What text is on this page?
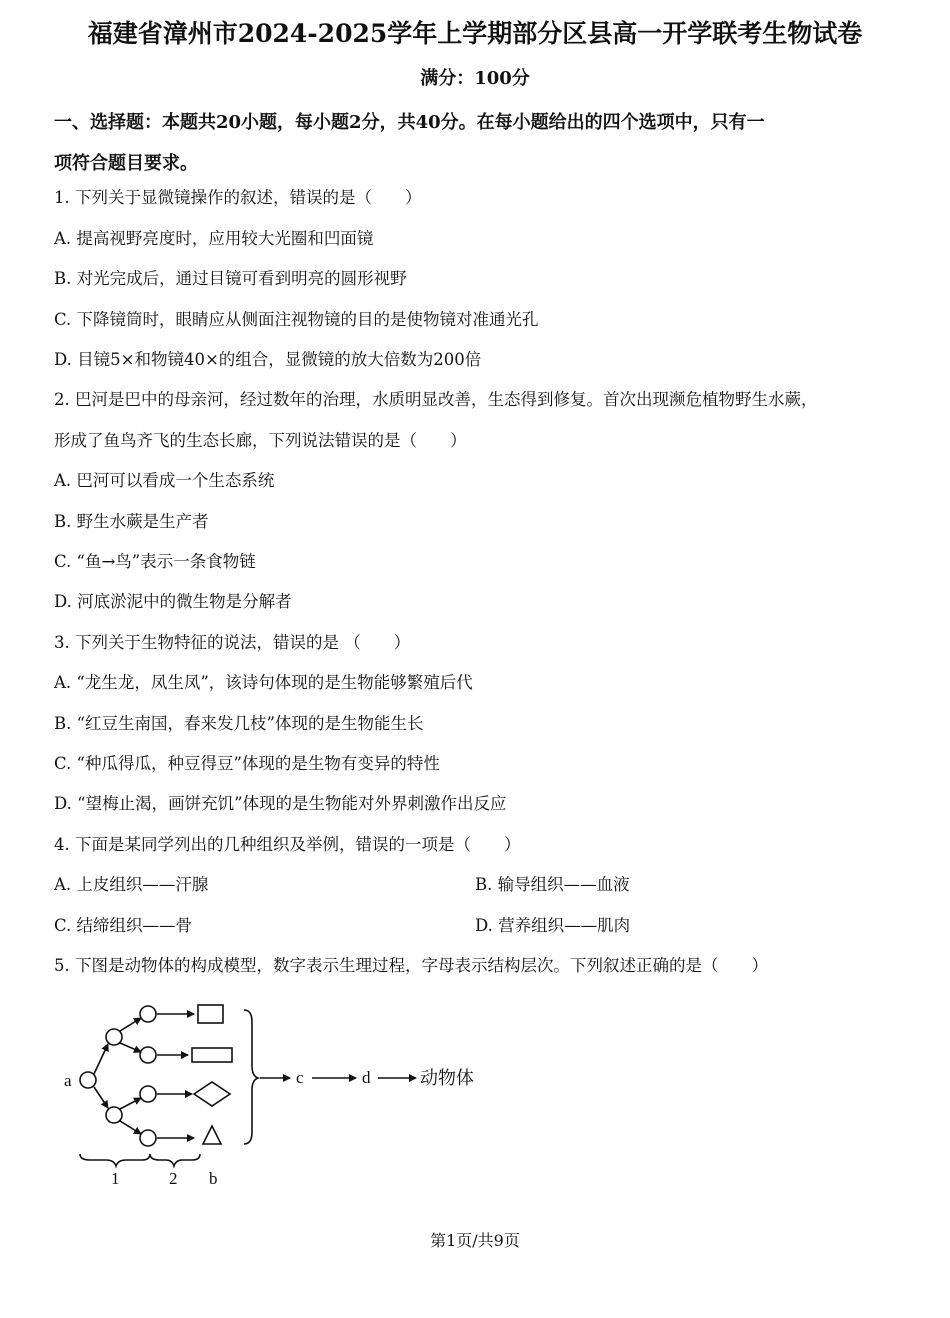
福建省漳州市2024-2025学年上学期部分区县高一开学联考生物试卷
满分：100分
一、选择题：本题共20小题，每小题2分，共40分。在每小题给出的四个选项中，只有一
项符合题目要求。
1. 下列关于显微镜操作的叙述，错误的是（　　）
A. 提高视野亮度时，应用较大光圈和凹面镜
B. 对光完成后，通过目镜可看到明亮的圆形视野
C. 下降镜筒时，眼睛应从侧面注视物镜的目的是使物镜对准通光孔
D. 目镜5×和物镜40×的组合，显微镜的放大倍数为200倍
2. 巴河是巴中的母亲河，经过数年的治理，水质明显改善，生态得到修复。首次出现濒危植物野生水蕨，
形成了鱼鸟齐飞的生态长廊，下列说法错误的是（　　）
A. 巴河可以看成一个生态系统
B. 野生水蕨是生产者
C. “鱼→鸟”表示一条食物链
D. 河底淤泥中的微生物是分解者
3. 下列关于生物特征的说法，错误的是 （　　）
A. “龙生龙，凤生凤”，该诗句体现的是生物能够繁殖后代
B. “红豆生南国，春来发几枝”体现的是生物能生长
C. “种瓜得瓜，种豆得豆”体现的是生物有变异的特性
D. “望梅止渴，画饼充饥”体现的是生物能对外界刺激作出反应
4. 下面是某同学列出的几种组织及举例，错误的一项是（　　）
A. 上皮组织——汗腺	B. 输导组织——血液
C. 结缔组织——骨	D. 营养组织——肌肉
5. 下图是动物体的构成模型，数字表示生理过程，字母表示结构层次。下列叙述正确的是（　　）
a	c	d
1	2 b
动物体
第1页/共9页
